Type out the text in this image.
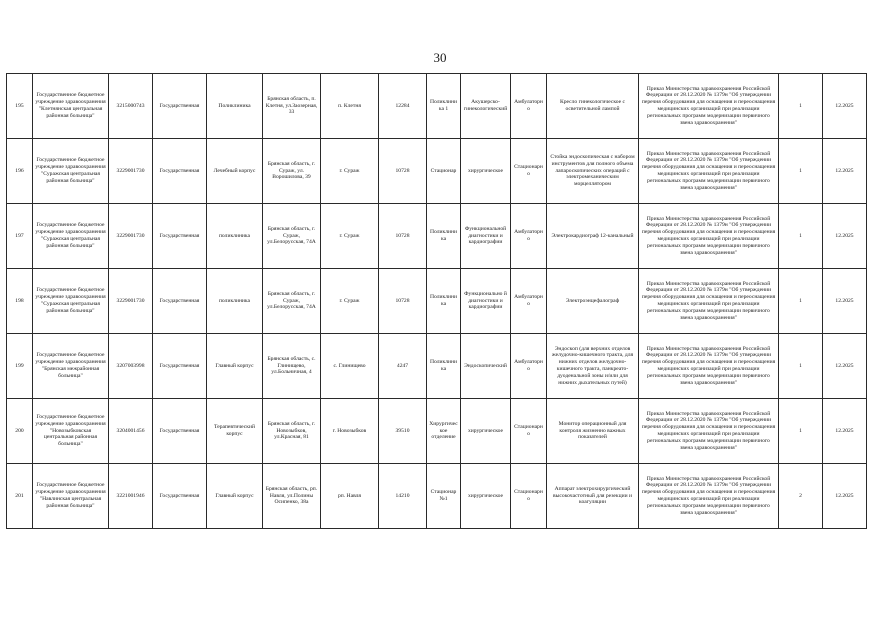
30
195	Государственное бюджетное учреждение здравоохранения "Клетнянская центральная районная больница"	3215000743	Государственная	Поликлиника	Брянская область, п. Клетня, ул.Заозерная, 33	п. Клетня	12284	Поликлиника 1	Акушерско-гинекологический	Амбулаторно	Кресло гинекологическое с осветительной лампой	Приказ Министерства здравоохранения Российской Федерации от 28.12.2020 № 1379н "Об утверждении перечня оборудования для оснащения и переоснащения медицинских организаций при реализации региональных программ модернизации первичного звена здравоохранения"	1	12.2025
196	Государственное бюджетное учреждение здравоохранения "Суражская центральная районная больница"	3229001730	Государственная	Лечебный корпус	Брянская область, г. Сураж, ул. Ворошилова, 39	г. Сураж	10728	Стационар	хирургическое	Стационарно	Стойка эндоскопическая с набором инструментов для полного объема лапароскопических операций с электромеханическим морцеллятором	Приказ Министерства здравоохранения Российской Федерации от 28.12.2020 № 1379н "Об утверждении перечня оборудования для оснащения и переоснащения медицинских организаций при реализации региональных программ модернизации первичного звена здравоохранения"	1	12.2025
197	Государственное бюджетное учреждение здравоохранения "Суражская центральная районная больница"	3229001730	Государственная	поликлиника	Брянская область, г. Сураж, ул.Белорусская, 74А	г. Сураж	10728	Поликлиника	Функциональной диагностики и кардиографии	Амбулаторно	Электрокардиограф 12-канальный	Приказ Министерства здравоохранения Российской Федерации от 28.12.2020 № 1379н "Об утверждении перечня оборудования для оснащения и переоснащения медицинских организаций при реализации региональных программ модернизации первичного звена здравоохранения"	1	12.2025
198	Государственное бюджетное учреждение здравоохранения "Суражская центральная районная больница"	3229001730	Государственная	поликлиника	Брянская область, г. Сураж, ул.Белорусская, 74А	г. Сураж	10728	Поликлиника	Функционально й диагностики и кардиографии	Амбулаторно	Электроэнцефалограф	Приказ Министерства здравоохранения Российской Федерации от 28.12.2020 № 1379н "Об утверждении перечня оборудования для оснащения и переоснащения медицинских организаций при реализации региональных программ модернизации первичного звена здравоохранения"	1	12.2025
199	Государственное бюджетное учреждение здравоохранения "Брянская межрайонная больница"	3207003998	Государственная	Главный корпус	Брянская область, с. Глинищево, ул.Больничная, 4	с. Глинищево	4247	Поликлиника	Эндоскопический	Амбулаторно	Эндоскоп (для верхних отделов желудочно-кишечного тракта, для нижних отделов желудочно-кишечного тракта, панкреато-дуоденальной зоны и/или для нижних дыхательных путей)	Приказ Министерства здравоохранения Российской Федерации от 28.12.2020 № 1379н "Об утверждении перечня оборудования для оснащения и переоснащения медицинских организаций при реализации региональных программ модернизации первичного звена здравоохранения"	1	12.2025
200	Государственное бюджетное учреждение здравоохранения "Новозыбковская центральная районная больница"	3204001456	Государственная	Терапевтический корпус	Брянская область, г. Новозыбков, ул.Красная, 81	г. Новозыбков	39510	Хирургическое отделение	хирургическое	Стационарно	Монитор операционный для контроля жизненно важных показателей	Приказ Министерства здравоохранения Российской Федерации от 28.12.2020 № 1379н "Об утверждении перечня оборудования для оснащения и переоснащения медицинских организаций при реализации региональных программ модернизации первичного звена здравоохранения"	1	12.2025
201	Государственное бюджетное учреждение здравоохранения "Навлинская центральная районная больница"	3221001946	Государственная	Главный корпус	Брянская область, рп. Навля, ул.Полины Осипенко, 38а	рп. Навля	14210	Стационар №1	хирургическое	Стационарно	Аппарат электрохирургический высокочастотный для резекции и коагуляции	Приказ Министерства здравоохранения Российской Федерации от 28.12.2020 № 1379н "Об утверждении перечня оборудования для оснащения и переоснащения медицинских организаций при реализации региональных программ модернизации первичного звена здравоохранения"	2	12.2025
